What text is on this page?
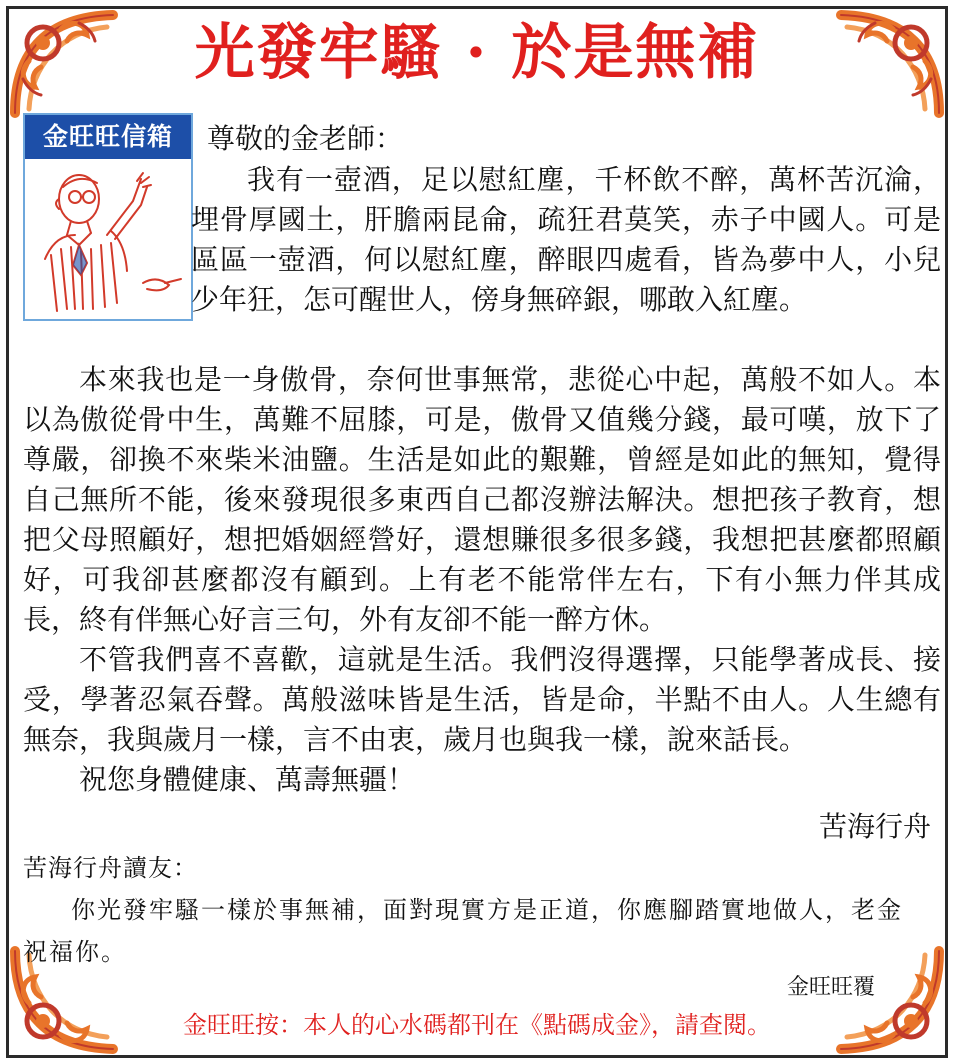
光發牢騷 · 於是無補
金旺旺信箱	尊敬的金老師：
我有一壺酒，足以慰紅塵，千杯飲不醉，萬杯苦沉淪，埋骨厚國土，肝膽兩昆侖，疏狂君莫笑，赤子中國人。可是區區一壺酒，何以慰紅塵，醉眼四處看，皆為夢中人，小兒少年狂，怎可醒世人，傍身無碎銀，哪敢入紅塵。

本來我也是一身傲骨，奈何世事無常，悲從心中起，萬般不如人。本以為傲從骨中生，萬難不屈膝，可是，傲骨又值幾分錢，最可嘆，放下了尊嚴，卻換不來柴米油鹽。生活是如此的艱難，曾經是如此的無知，覺得自己無所不能，後來發現很多東西自己都沒辦法解決。想把孩子教育，想把父母照顧好，想把婚姻經營好，還想賺很多很多錢，我想把甚麼都照顧好，可我卻甚麼都沒有顧到。上有老不能常伴左右，下有小無力伴其成長，終有伴無心好言三句，外有友卻不能一醉方休。

不管我們喜不喜歡，這就是生活。我們沒得選擇，只能學著成長、接受，學著忍氣吞聲。萬般滋味皆是生活，皆是命，半點不由人。人生總有無奈，我與歲月一樣，言不由衷，歲月也與我一樣，說來話長。

祝您身體健康、萬壽無疆！

苦海行舟
苦海行舟讀友：
你光發牢騷一樣於事無補，面對現實方是正道，你應腳踏實地做人，老金祝福你。
金旺旺覆
金旺旺按：本人的心水碼都刊在《點碼成金》，請查閱。
